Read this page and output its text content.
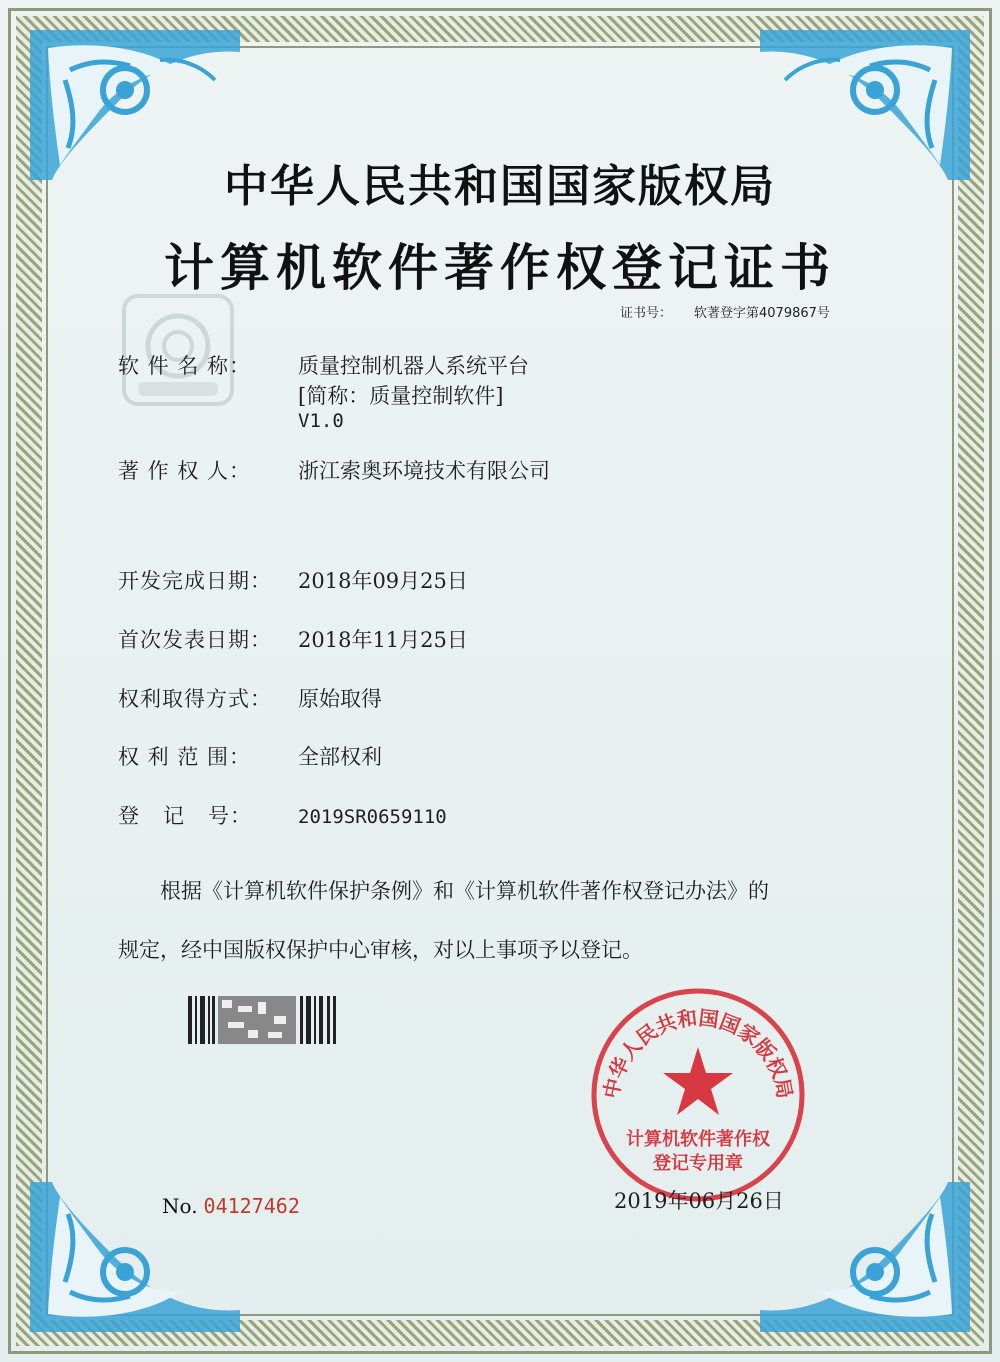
中华人民共和国国家版权局
计算机软件著作权登记证书
证书号： 软著登字第4079867号
软 件 名 称： 质量控制机器人系统平台
[简称：质量控制软件]
V1.0
著 作 权 人： 浙江索奥环境技术有限公司
开发完成日期： 2018年09月25日
首次发表日期： 2018年11月25日
权利取得方式： 原始取得
权 利 范 围： 全部权利
登   记   号： 2019SR0659110
根据《计算机软件保护条例》和《计算机软件著作权登记办法》的
规定，经中国版权保护中心审核，对以上事项予以登记。
中华人民共和国国家版权局
计算机软件著作权
登记专用章
No. 04127462	2019年06月26日
